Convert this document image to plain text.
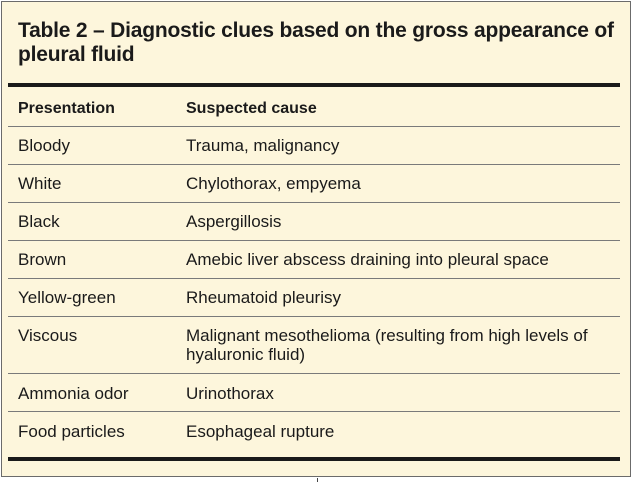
Table 2 – Diagnostic clues based on the gross appearance of pleural fluid
Presentation	Suspected cause
Bloody	Trauma, malignancy
White	Chylothorax, empyema
Black	Aspergillosis
Brown	Amebic liver abscess draining into pleural space
Yellow-green	Rheumatoid pleurisy
Viscous	Malignant mesothelioma (resulting from high levels of hyaluronic fluid)
Ammonia odor	Urinothorax
Food particles	Esophageal rupture
